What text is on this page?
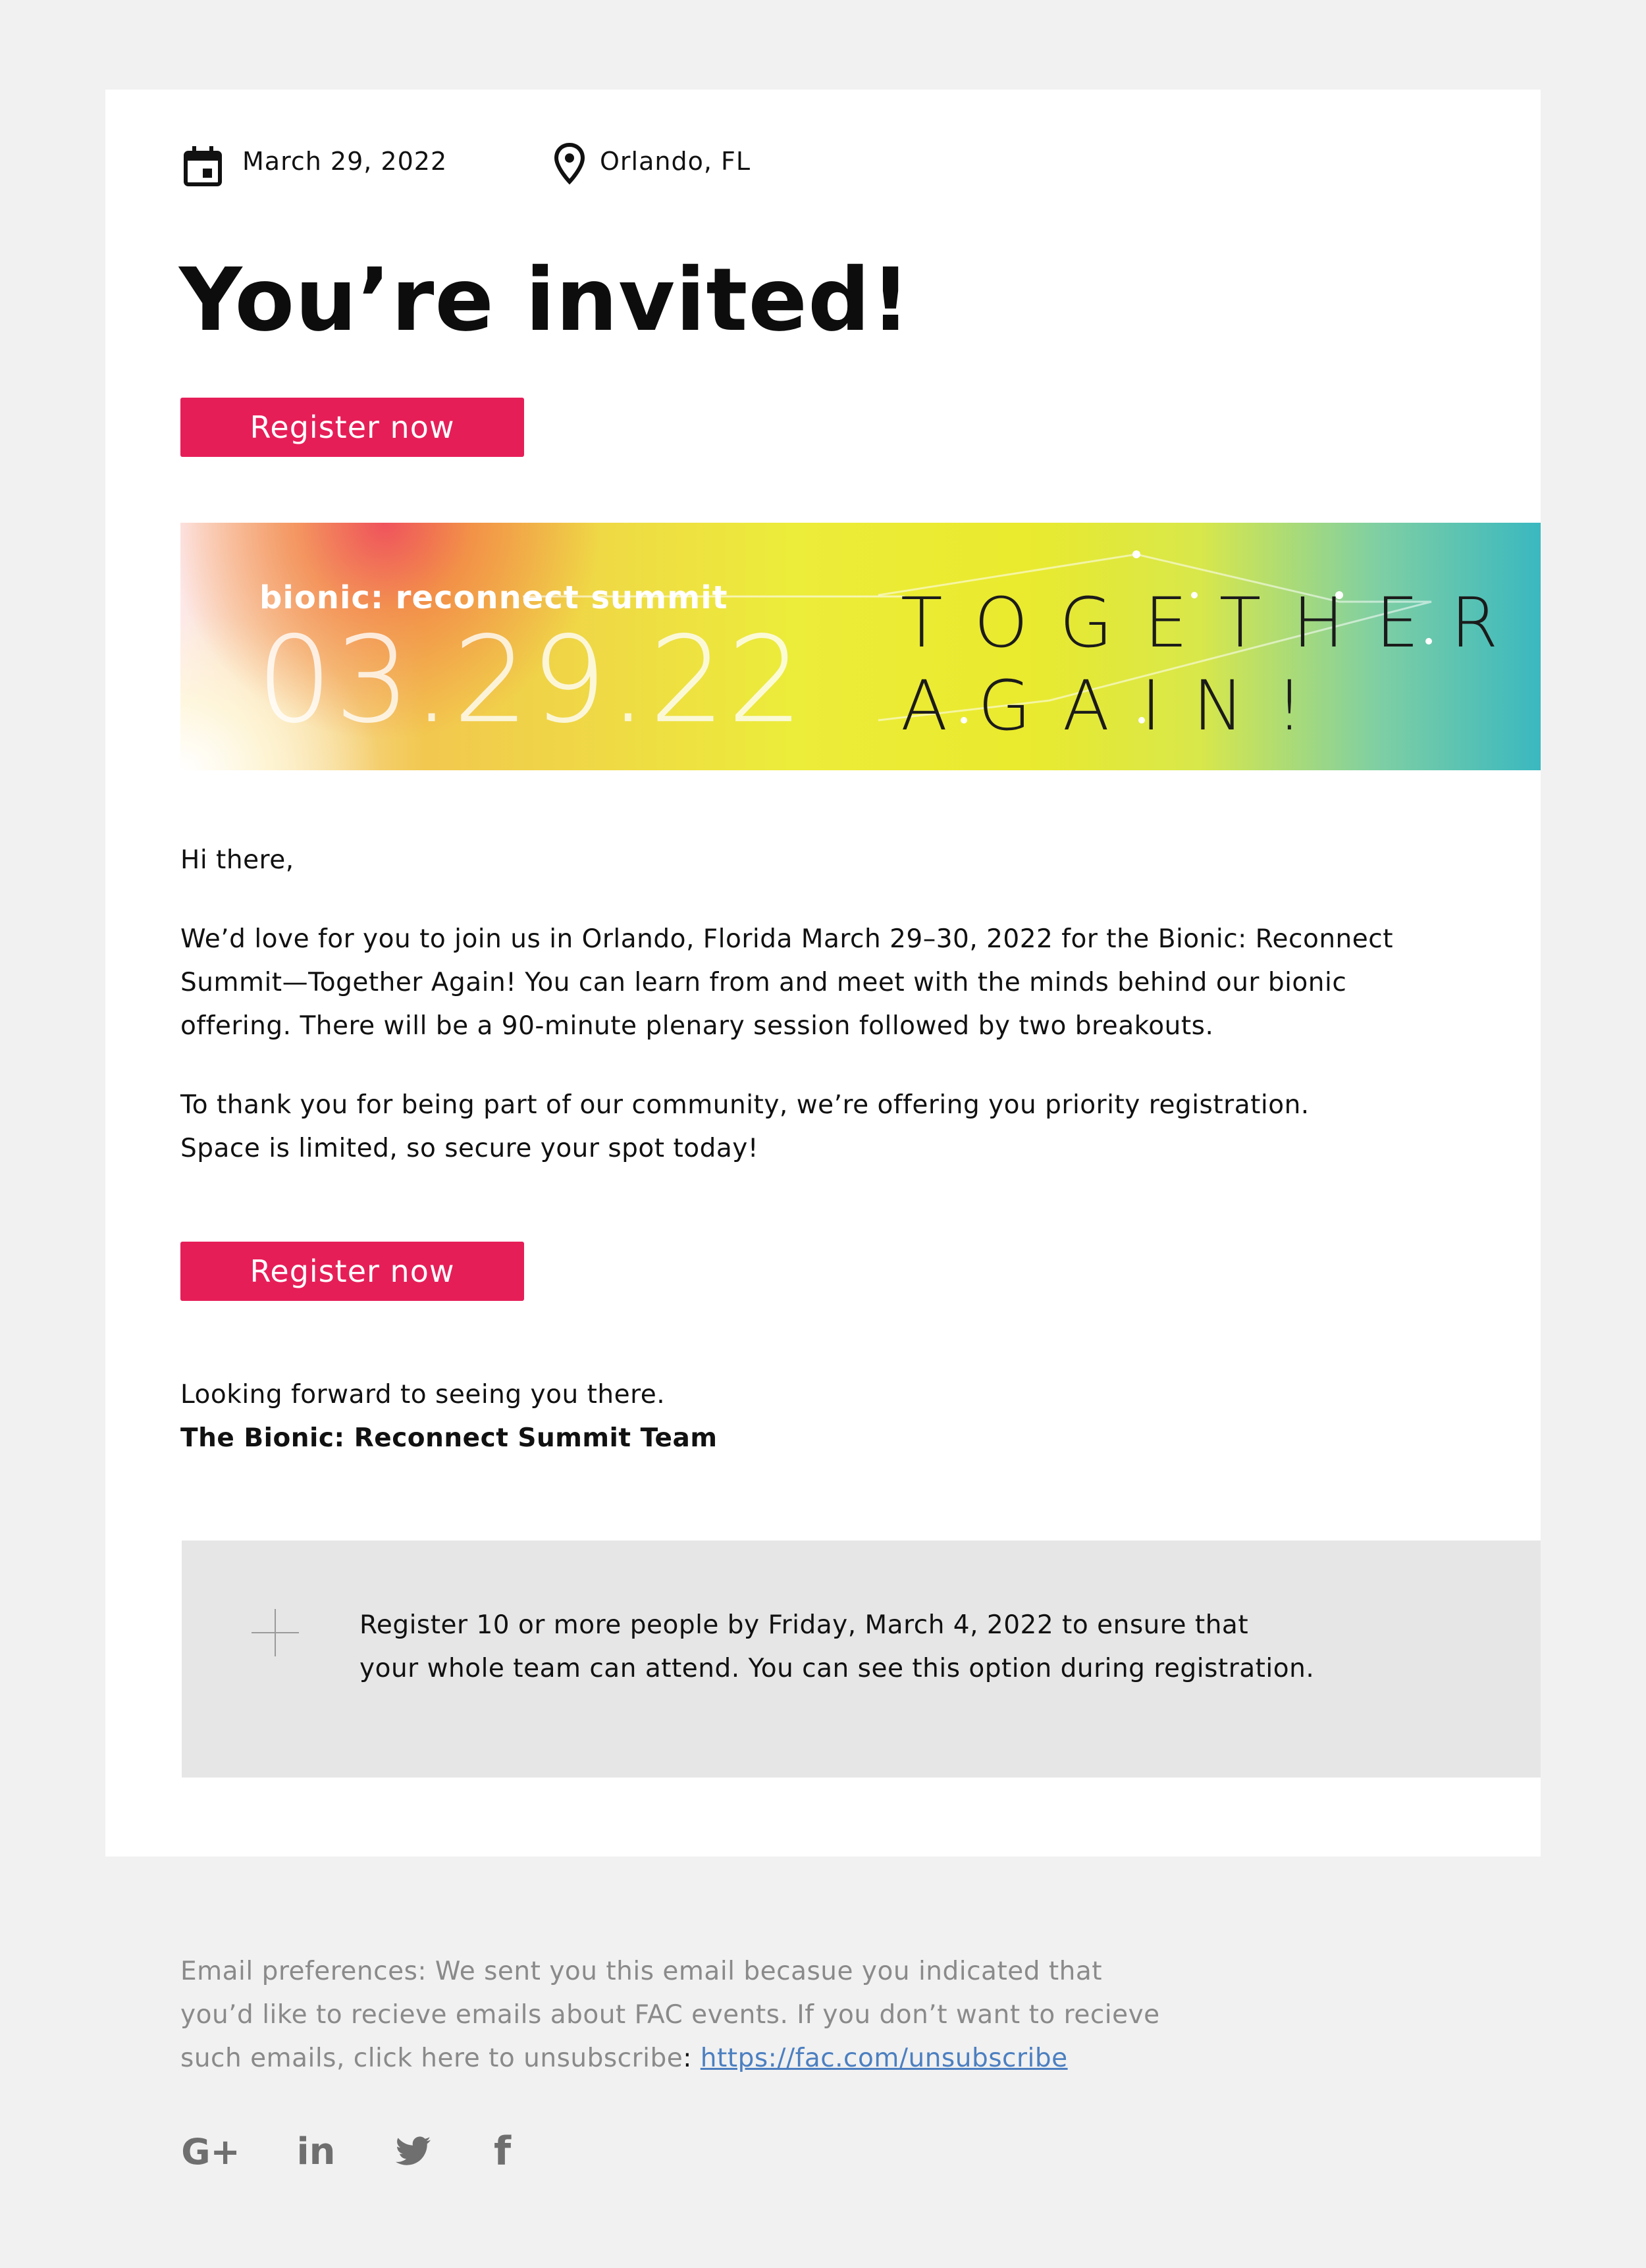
March 29, 2022	Orlando, FL
You’re invited!
Register now
bionic: reconnect summit
03.29.22 TOGETHER
AGAIN!
Hi there,
We’d love for you to join us in Orlando, Florida March 29–30, 2022 for the Bionic: Reconnect
Summit—Together Again! You can learn from and meet with the minds behind our bionic
offering. There will be a 90-minute plenary session followed by two breakouts.
To thank you for being part of our community, we’re offering you priority registration.
Space is limited, so secure your spot today!
Register now
Looking forward to seeing you there.
The Bionic: Reconnect Summit Team
Register 10 or more people by Friday, March 4, 2022 to ensure that
your whole team can attend. You can see this option during registration.
Email preferences: We sent you this email becasue you indicated that
you’d like to recieve emails about FAC events. If you don’t want to recieve
such emails, click here to unsubscribe: https://fac.com/unsubscribe
G+ in	f
